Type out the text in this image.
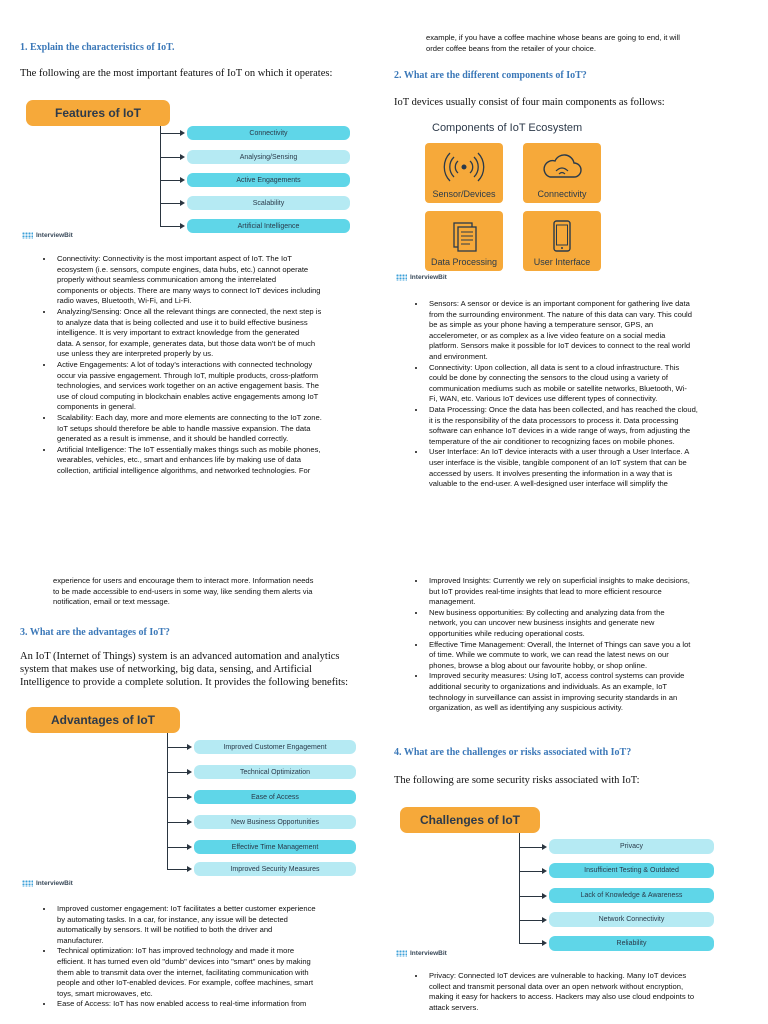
1. Explain the characteristics of IoT.
The following are the most important features of IoT on which it operates:
Features of IoT
Connectivity
Analysing/Sensing
Active Engagements
Scalability
Artificial Intelligence
InterviewBit
• Connectivity: Connectivity is the most important aspect of IoT. The IoT
ecosystem (i.e. sensors, compute engines, data hubs, etc.) cannot operate
properly without seamless communication among the interrelated
components or objects. There are many ways to connect IoT devices including
radio waves, Bluetooth, Wi-Fi, and Li-Fi.
• Analyzing/Sensing: Once all the relevant things are connected, the next step is
to analyze data that is being collected and use it to build effective business
intelligence. It is very important to extract knowledge from the generated
data. A sensor, for example, generates data, but those data won't be of much
use unless they are interpreted properly by us.
• Active Engagements: A lot of today's interactions with connected technology
occur via passive engagement. Through IoT, multiple products, cross-platform
technologies, and services work together on an active engagement basis. The
use of cloud computing in blockchain enables active engagements among IoT
components in general.
• Scalability: Each day, more and more elements are connecting to the IoT zone.
IoT setups should therefore be able to handle massive expansion. The data
generated as a result is immense, and it should be handled correctly.
• Artificial Intelligence: The IoT essentially makes things such as mobile phones,
wearables, vehicles, etc., smart and enhances life by making use of data
collection, artificial intelligence algorithms, and networked technologies. For
example, if you have a coffee machine whose beans are going to end, it will
order coffee beans from the retailer of your choice.
2. What are the different components of IoT?
IoT devices usually consist of four main components as follows:
Components of IoT Ecosystem
Sensor/Devices	Connectivity
Data Processing	User Interface
InterviewBit
• Sensors: A sensor or device is an important component for gathering live data
from the surrounding environment. The nature of this data can vary. This could
be as simple as your phone having a temperature sensor, GPS, an
accelerometer, or as complex as a live video feature on a social media
platform. Sensors make it possible for IoT devices to connect to the real world
and environment.
• Connectivity: Upon collection, all data is sent to a cloud infrastructure. This
could be done by connecting the sensors to the cloud using a variety of
communication mediums such as mobile or satellite networks, Bluetooth, Wi-
Fi, WAN, etc. Various IoT devices use different types of connectivity.
• Data Processing: Once the data has been collected, and has reached the cloud,
it is the responsibility of the data processors to process it. Data processing
software can enhance IoT devices in a wide range of ways, from adjusting the
temperature of the air conditioner to recognizing faces on mobile phones.
• User Interface: An IoT device interacts with a user through a User Interface. A
user interface is the visible, tangible component of an IoT system that can be
accessed by users. It involves presenting the information in a way that is
valuable to the end-user. A well-designed user interface will simplify the
experience for users and encourage them to interact more. Information needs
to be made accessible to end-users in some way, like sending them alerts via
notification, email or text message.
3. What are the advantages of IoT?
An IoT (Internet of Things) system is an advanced automation and analytics
system that makes use of networking, big data, sensing, and Artificial
Intelligence to provide a complete solution. It provides the following benefits:
Advantages of IoT
Improved Customer Engagement
Technical Optimization
Ease of Access
New Business Opportunities
Effective Time Management
Improved Security Measures
InterviewBit
• Improved customer engagement: IoT facilitates a better customer experience
by automating tasks. In a car, for instance, any issue will be detected
automatically by sensors. It will be notified to both the driver and
manufacturer.
• Technical optimization: IoT has improved technology and made it more
efficient. It has turned even old "dumb" devices into "smart" ones by making
them able to transmit data over the internet, facilitating communication with
people and other IoT-enabled devices. For example, coffee machines, smart
toys, smart microwaves, etc.
• Ease of Access: IoT has now enabled access to real-time information from
• Improved Insights: Currently we rely on superficial insights to make decisions,
but IoT provides real-time insights that lead to more efficient resource
management.
• New business opportunities: By collecting and analyzing data from the
network, you can uncover new business insights and generate new
opportunities while reducing operational costs.
• Effective Time Management: Overall, the Internet of Things can save you a lot
of time. While we commute to work, we can read the latest news on our
phones, browse a blog about our favourite hobby, or shop online.
• Improved security measures: Using IoT, access control systems can provide
additional security to organizations and individuals. As an example, IoT
technology in surveillance can assist in improving security standards in an
organization, as well as identifying any suspicious activity.
4. What are the challenges or risks associated with IoT?
The following are some security risks associated with IoT:
Challenges of IoT
Privacy
Insufficient Testing & Outdated
Lack of Knowledge & Awareness
Network Connectivity
Reliability
InterviewBit
• Privacy: Connected IoT devices are vulnerable to hacking. Many IoT devices
collect and transmit personal data over an open network without encryption,
making it easy for hackers to access. Hackers may also use cloud endpoints to
attack servers.
